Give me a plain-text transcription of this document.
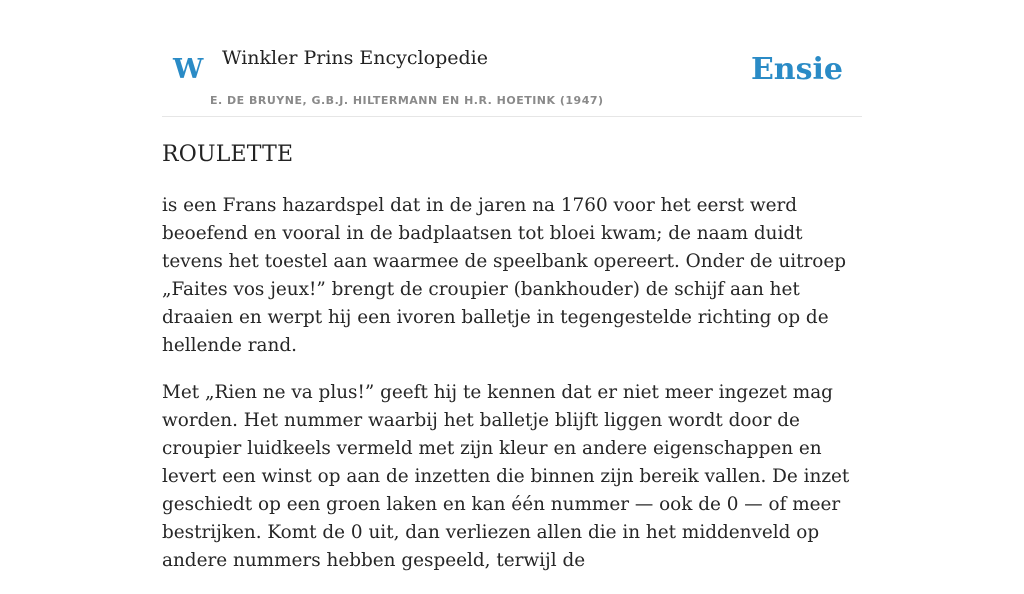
W Winkler Prins Encyclopedie
E. DE BRUYNE, G.B.J. HILTERMANN EN H.R. HOETINK (1947)
Ensie
ROULETTE

is een Frans hazardspel dat in de jaren na 1760 voor het eerst werd beoefend en vooral in de badplaatsen tot bloei kwam; de naam duidt tevens het toestel aan waarmee de speelbank opereert. Onder de uitroep „Faites vos jeux!” brengt de croupier (bankhouder) de schijf aan het draaien en werpt hij een ivoren balletje in tegengestelde richting op de hellende rand.

Met „Rien ne va plus!” geeft hij te kennen dat er niet meer ingezet mag worden. Het nummer waarbij het balletje blijft liggen wordt door de croupier luidkeels vermeld met zijn kleur en andere eigenschappen en levert een winst op aan de inzetten die binnen zijn bereik vallen. De inzet geschiedt op een groen laken en kan één nummer — ook de 0 — of meer bestrijken. Komt de 0 uit, dan verliezen allen die in het middenveld op andere nummers hebben gespeeld, terwijl de
